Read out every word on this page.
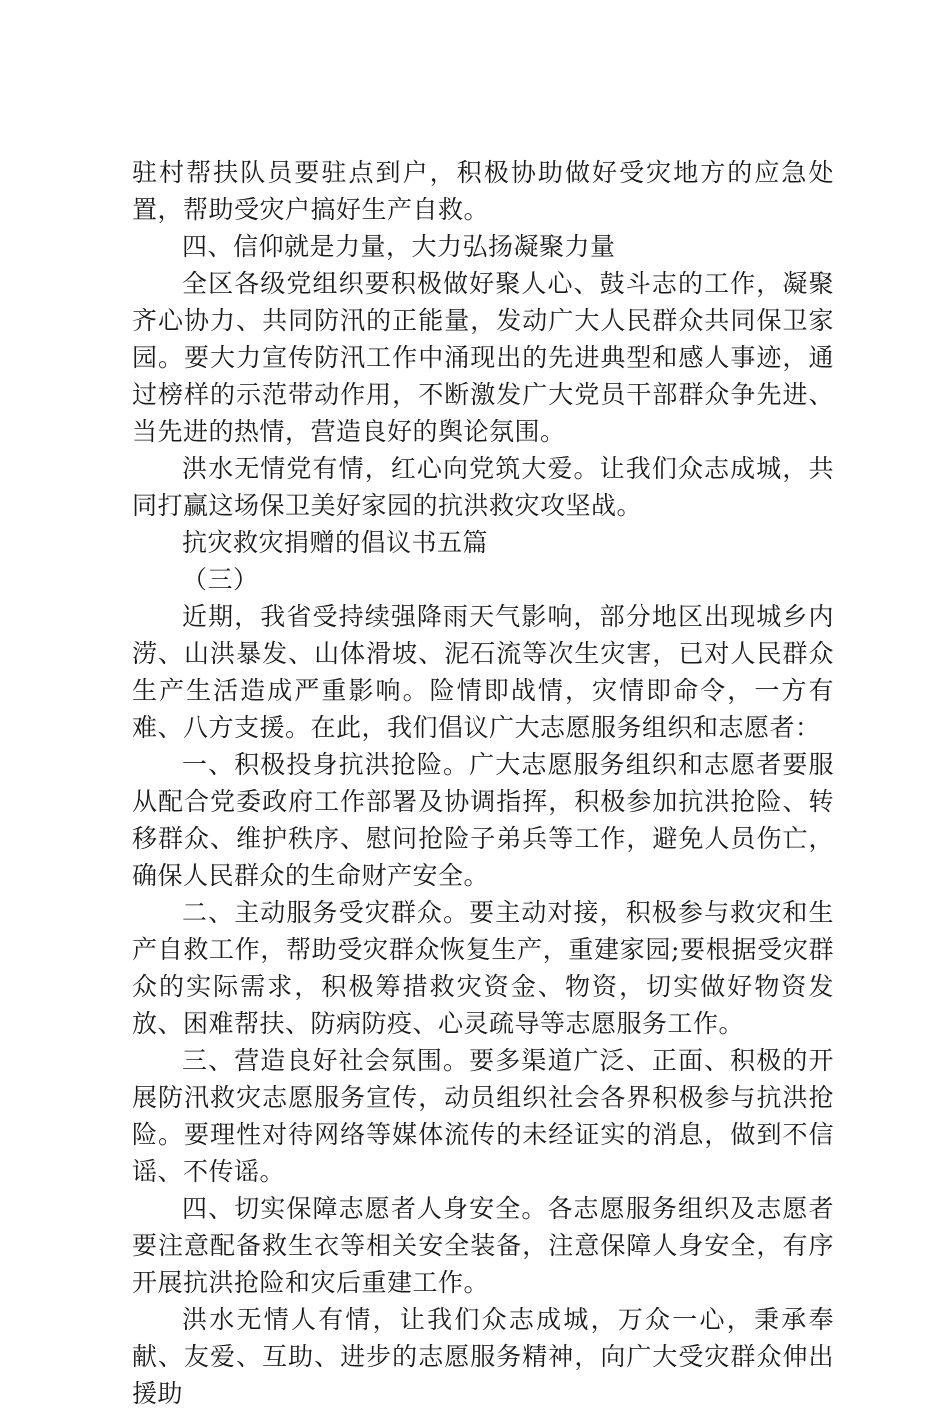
驻村帮扶队员要驻点到户，积极协助做好受灾地方的应急处置，帮助受灾户搞好生产自救。

四、信仰就是力量，大力弘扬凝聚力量

全区各级党组织要积极做好聚人心、鼓斗志的工作，凝聚齐心协力、共同防汛的正能量，发动广大人民群众共同保卫家园。要大力宣传防汛工作中涌现出的先进典型和感人事迹，通过榜样的示范带动作用，不断激发广大党员干部群众争先进、当先进的热情，营造良好的舆论氛围。

洪水无情党有情，红心向党筑大爱。让我们众志成城，共同打赢这场保卫美好家园的抗洪救灾攻坚战。

抗灾救灾捐赠的倡议书五篇

（三）

近期，我省受持续强降雨天气影响，部分地区出现城乡内涝、山洪暴发、山体滑坡、泥石流等次生灾害，已对人民群众生产生活造成严重影响。险情即战情，灾情即命令，一方有难、八方支援。在此，我们倡议广大志愿服务组织和志愿者：

一、积极投身抗洪抢险。广大志愿服务组织和志愿者要服从配合党委政府工作部署及协调指挥，积极参加抗洪抢险、转移群众、维护秩序、慰问抢险子弟兵等工作，避免人员伤亡，确保人民群众的生命财产安全。

二、主动服务受灾群众。要主动对接，积极参与救灾和生产自救工作，帮助受灾群众恢复生产，重建家园;要根据受灾群众的实际需求，积极筹措救灾资金、物资，切实做好物资发放、困难帮扶、防病防疫、心灵疏导等志愿服务工作。

三、营造良好社会氛围。要多渠道广泛、正面、积极的开展防汛救灾志愿服务宣传，动员组织社会各界积极参与抗洪抢险。要理性对待网络等媒体流传的未经证实的消息，做到不信谣、不传谣。

四、切实保障志愿者人身安全。各志愿服务组织及志愿者要注意配备救生衣等相关安全装备，注意保障人身安全，有序开展抗洪抢险和灾后重建工作。

洪水无情人有情，让我们众志成城，万众一心，秉承奉献、友爱、互助、进步的志愿服务精神，向广大受灾群众伸出援助
